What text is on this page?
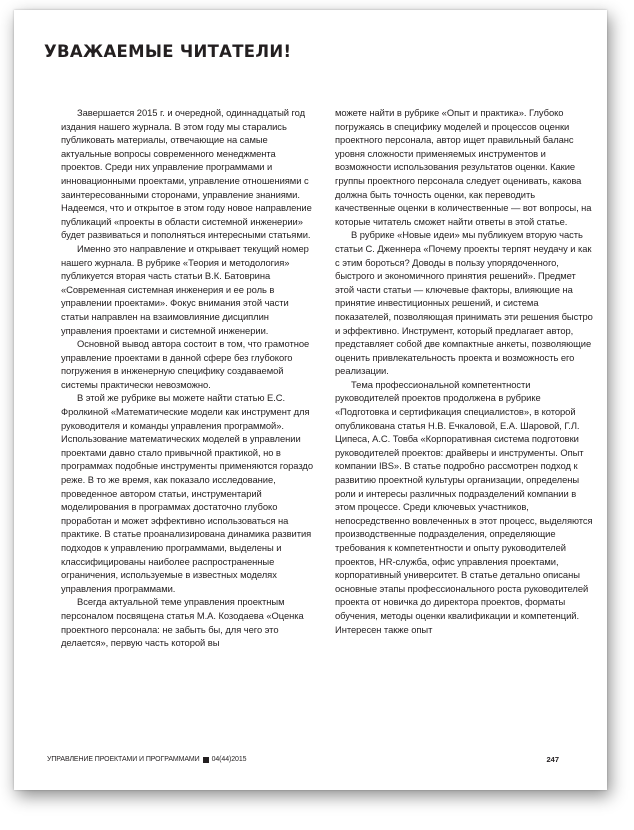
УВАЖАЕМЫЕ ЧИТАТЕЛИ!

Завершается 2015 г. и очередной, одиннадцатый год издания нашего журнала. В этом году мы старались публиковать материалы, отвечающие на самые актуальные вопросы современного менеджмента проектов. Среди них управление программами и инновационными проектами, управление отношениями с заинтересованными сторонами, управление знаниями. Надеемся, что и открытое в этом году новое направление публикаций «проекты в области системной инженерии» будет развиваться и пополняться интересными статьями.

Именно это направление и открывает текущий номер нашего журнала. В рубрике «Теория и методология» публикуется вторая часть статьи В.К. Батоврина «Современная системная инженерия и ее роль в управлении проектами». Фокус внимания этой части статьи направлен на взаимовлияние дисциплин управления проектами и системной инженерии.

Основной вывод автора состоит в том, что грамотное управление проектами в данной сфере без глубокого погружения в инженерную специфику создаваемой системы практически невозможно.

В этой же рубрике вы можете найти статью Е.С. Фролкиной «Математические модели как инструмент для руководителя и команды управления программой». Использование математических моделей в управлении проектами давно стало привычной практикой, но в программах подобные инструменты применяются гораздо реже. В то же время, как показало исследование, проведенное автором статьи, инструментарий моделирования в программах достаточно глубоко проработан и может эффективно использоваться на практике. В статье проанализирована динамика развития подходов к управлению программами, выделены и классифицированы наиболее распространенные ограничения, используемые в известных моделях управления программами.

Всегда актуальной теме управления проектным персоналом посвящена статья М.А. Козодаева «Оценка проектного персонала: не забыть бы, для чего это делается», первую часть которой вы

можете найти в рубрике «Опыт и практика». Глубоко погружаясь в специфику моделей и процессов оценки проектного персонала, автор ищет правильный баланс уровня сложности применяемых инструментов и возможности использования результатов оценки. Какие группы проектного персонала следует оценивать, какова должна быть точность оценки, как переводить качественные оценки в количественные — вот вопросы, на которые читатель сможет найти ответы в этой статье.

В рубрике «Новые идеи» мы публикуем вторую часть статьи С. Дженнера «Почему проекты терпят неудачу и как с этим бороться? Доводы в пользу упорядоченного, быстрого и экономичного принятия решений». Предмет этой части статьи — ключевые факторы, влияющие на принятие инвестиционных решений, и система показателей, позволяющая принимать эти решения быстро и эффективно. Инструмент, который предлагает автор, представляет собой две компактные анкеты, позволяющие оценить привлекательность проекта и возможность его реализации.

Тема профессиональной компетентности руководителей проектов продолжена в рубрике «Подготовка и сертификация специалистов», в которой опубликована статья Н.В. Ечкаловой, Е.А. Шаровой, Г.Л. Ципеса, А.С. Товба «Корпоративная система подготовки руководителей проектов: драйверы и инструменты. Опыт компании IBS». В статье подробно рассмотрен подход к развитию проектной культуры организации, определены роли и интересы различных подразделений компании в этом процессе. Среди ключевых участников, непосредственно вовлеченных в этот процесс, выделяются производственные подразделения, определяющие требования к компетентности и опыту руководителей проектов, HR-служба, офис управления проектами, корпоративный университет. В статье детально описаны основные этапы профессионального роста руководителей проекта от новичка до директора проектов, форматы обучения, методы оценки квалификации и компетенций. Интересен также опыт

УПРАВЛЕНИЕ ПРОЕКТАМИ И ПРОГРАММАМИ 04(44)2015	247
